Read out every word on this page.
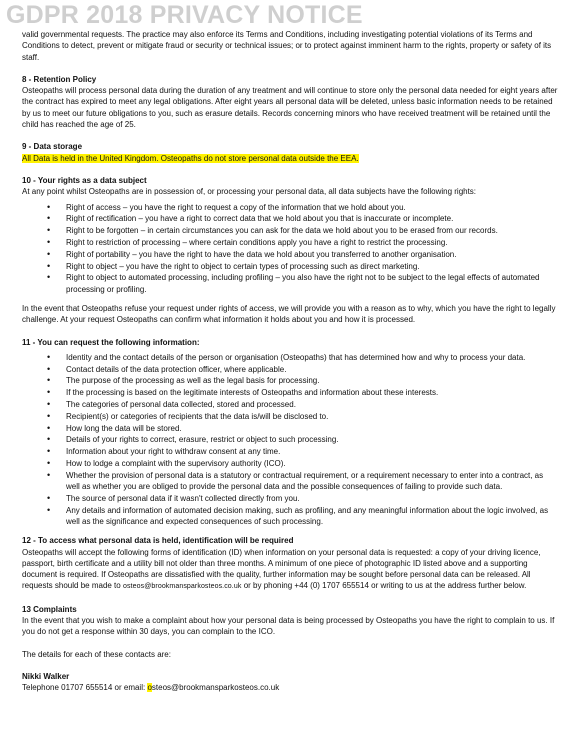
GDPR 2018 PRIVACY NOTICE

valid governmental requests. The practice may also enforce its Terms and Conditions, including investigating potential violations of its Terms and Conditions to detect, prevent or mitigate fraud or security or technical issues; or to protect against imminent harm to the rights, property or safety of its staff.

8 - Retention Policy

Osteopaths will process personal data during the duration of any treatment and will continue to store only the personal data needed for eight years after the contract has expired to meet any legal obligations. After eight years all personal data will be deleted, unless basic information needs to be retained by us to meet our future obligations to you, such as erasure details. Records concerning minors who have received treatment will be retained until the child has reached the age of 25.

9 - Data storage

All Data is held in the United Kingdom. Osteopaths do not store personal data outside the EEA.

10 - Your rights as a data subject

At any point whilst Osteopaths are in possession of, or processing your personal data, all data subjects have the following rights:

• Right of access – you have the right to request a copy of the information that we hold about you.
• Right of rectification – you have a right to correct data that we hold about you that is inaccurate or incomplete.
• Right to be forgotten – in certain circumstances you can ask for the data we hold about you to be erased from our records.
• Right to restriction of processing – where certain conditions apply you have a right to restrict the processing.
• Right of portability – you have the right to have the data we hold about you transferred to another organisation.
• Right to object – you have the right to object to certain types of processing such as direct marketing.
• Right to object to automated processing, including profiling – you also have the right not to be subject to the legal effects of automated processing or profiling.

In the event that Osteopaths refuse your request under rights of access, we will provide you with a reason as to why, which you have the right to legally challenge. At your request Osteopaths can confirm what information it holds about you and how it is processed.

11 - You can request the following information:

• Identity and the contact details of the person or organisation (Osteopaths) that has determined how and why to process your data.
• Contact details of the data protection officer, where applicable.
• The purpose of the processing as well as the legal basis for processing.
• If the processing is based on the legitimate interests of Osteopaths and information about these interests.
• The categories of personal data collected, stored and processed.
• Recipient(s) or categories of recipients that the data is/will be disclosed to.
• How long the data will be stored.
• Details of your rights to correct, erasure, restrict or object to such processing.
• Information about your right to withdraw consent at any time.
• How to lodge a complaint with the supervisory authority (ICO).
• Whether the provision of personal data is a statutory or contractual requirement, or a requirement necessary to enter into a contract, as well as whether you are obliged to provide the personal data and the possible consequences of failing to provide such data.
• The source of personal data if it wasn't collected directly from you.
• Any details and information of automated decision making, such as profiling, and any meaningful information about the logic involved, as well as the significance and expected consequences of such processing.

12 - To access what personal data is held, identification will be required

Osteopaths will accept the following forms of identification (ID) when information on your personal data is requested: a copy of your driving licence, passport, birth certificate and a utility bill not older than three months. A minimum of one piece of photographic ID listed above and a supporting document is required. If Osteopaths are dissatisfied with the quality, further information may be sought before personal data can be released. All requests should be made to osteos@brookmansparkosteos.co.uk or by phoning +44 (0) 1707 655514 or writing to us at the address further below.

13 Complaints

In the event that you wish to make a complaint about how your personal data is being processed by Osteopaths you have the right to complain to us. If you do not get a response within 30 days, you can complain to the ICO.

The details for each of these contacts are:

Nikki Walker

Telephone 01707 655514 or email: osteos@brookmansparkosteos.co.uk
